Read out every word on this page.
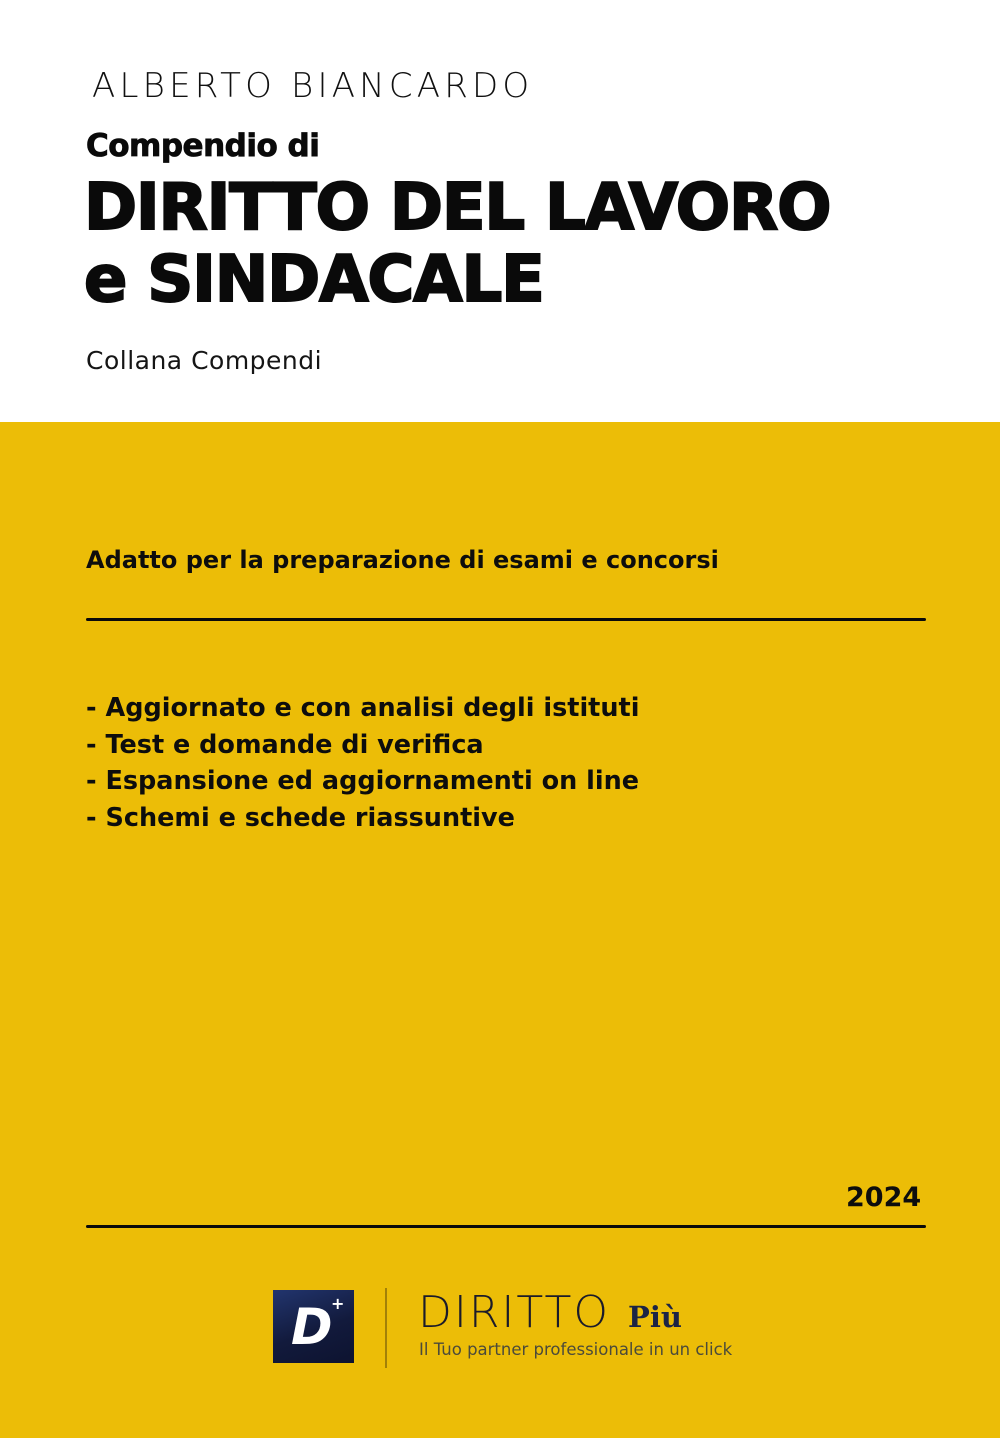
ALBERTO BIANCARDO
Compendio di
DIRITTO DEL LAVORO
e SINDACALE
Collana Compendi
Adatto per la preparazione di esami e concorsi
- Aggiornato e con analisi degli istituti
- Test e domande di verifica
- Espansione ed aggiornamenti on line
- Schemi e schede riassuntive
2024
D
+ DIRITTO Più
Il Tuo partner professionale in un click
